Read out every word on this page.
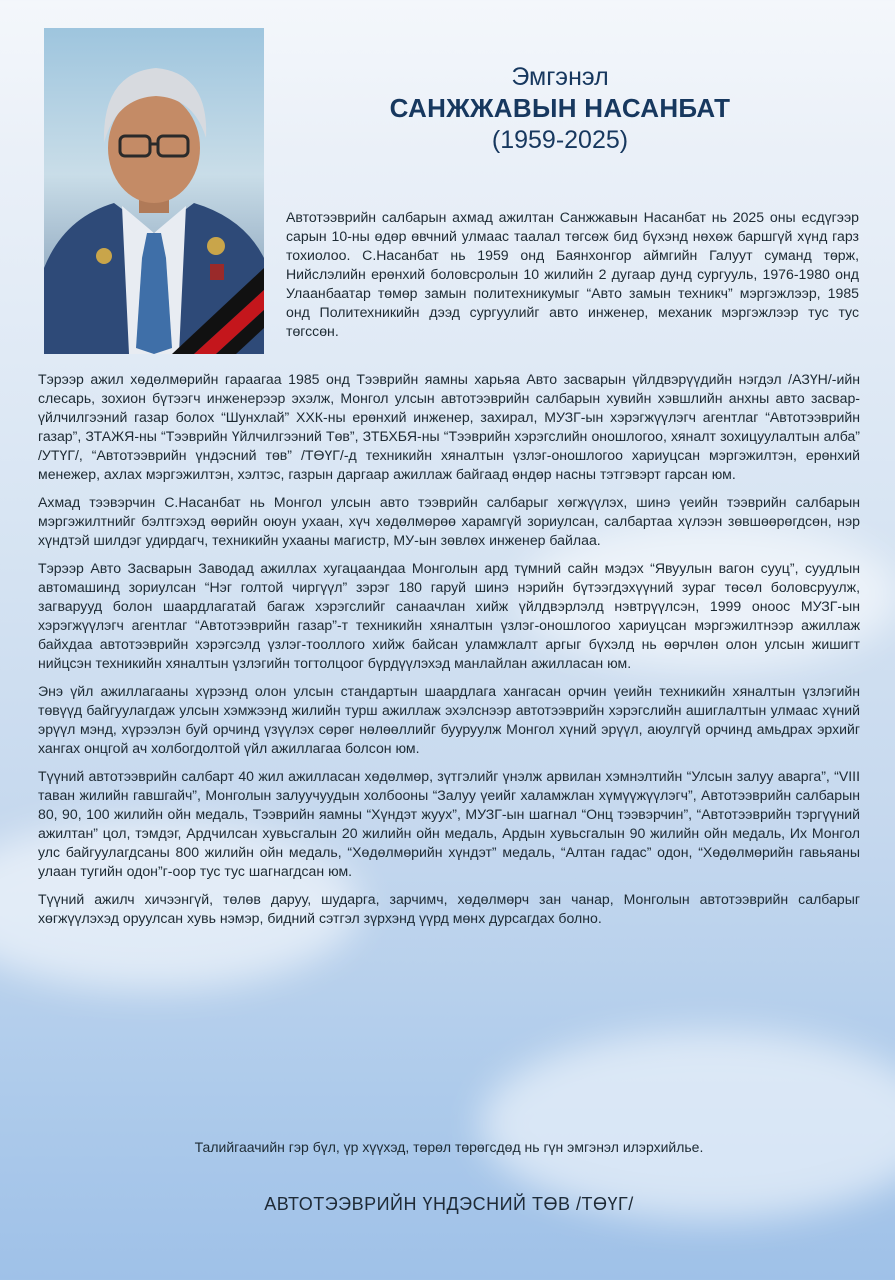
Эмгэнэл
САНЖЖАВЫН НАСАНБАТ
(1959-2025)

Автотээврийн салбарын ахмад ажилтан Санжжавын Насанбат нь 2025 оны есдүгээр сарын 10-ны өдөр өвчний улмаас таалал төгсөж бид бүхэнд нөхөж баршгүй хүнд гарз тохиолоо. С.Насанбат нь 1959 онд Баянхонгор аймгийн Галуут суманд төрж, Нийслэлийн ерөнхий боловсролын 10 жилийн 2 дугаар дунд сургууль, 1976-1980 онд Улаанбаатар төмөр замын политехникумыг “Авто замын техникч” мэргэжлээр, 1985 онд Политехникийн дээд сургуулийг авто инженер, механик мэргэжлээр тус тус төгссөн.

Тэрээр ажил хөдөлмөрийн гараагаа 1985 онд Тээврийн яамны харьяа Авто засварын үйлдвэрүүдийн нэгдэл /АЗҮН/-ийн слесарь, зохион бүтээгч инженерээр эхэлж, Монгол улсын автотээврийн салбарын хувийн хэвшлийн анхны авто засвар-үйлчилгээний газар болох “Шунхлай” ХХК-ны ерөнхий инженер, захирал, МУЗГ-ын хэрэгжүүлэгч агентлаг “Автотээврийн газар”, ЗТАЖЯ-ны “Тээврийн Үйлчилгээний Төв”, ЗТБХБЯ-ны “Тээврийн хэрэгслийн оношлогоо, хяналт зохицуулалтын алба” /УТҮГ/, “Автотээврийн үндэсний төв” /ТӨҮГ/-д техникийн хяналтын үзлэг-оношлогоо хариуцсан мэргэжилтэн, ерөнхий менежер, ахлах мэргэжилтэн, хэлтэс, газрын даргаар ажиллаж байгаад өндөр насны тэтгэвэрт гарсан юм.

Ахмад тээвэрчин С.Насанбат нь Монгол улсын авто тээврийн салбарыг хөгжүүлэх, шинэ үеийн тээврийн салбарын мэргэжилтнийг бэлтгэхэд өөрийн оюун ухаан, хүч хөдөлмөрөө харамгүй зориулсан, салбартаа хүлээн зөвшөөрөгдсөн, нэр хүндтэй шилдэг удирдагч, техникийн ухааны магистр, МУ-ын зөвлөх инженер байлаа.

Тэрээр Авто Засварын Заводад ажиллах хугацаандаа Монголын ард түмний сайн мэдэх “Явуулын вагон сууц”, суудлын автомашинд зориулсан “Нэг голтой чиргүүл” зэрэг 180 гаруй шинэ нэрийн бүтээгдэхүүний зураг төсөл боловсруулж, загварууд болон шаардлагатай багаж хэрэгслийг санаачлан хийж үйлдвэрлэлд нэвтрүүлсэн, 1999 оноос МУЗГ-ын хэрэгжүүлэгч агентлаг “Автотээврийн газар”-т техникийн хяналтын үзлэг-оношлогоо хариуцсан мэргэжилтнээр ажиллаж байхдаа автотээврийн хэрэгсэлд үзлэг-тооллого хийж байсан уламжлалт аргыг бүхэлд нь өөрчлөн олон улсын жишигт нийцсэн техникийн хяналтын үзлэгийн тогтолцоог бүрдүүлэхэд манлайлан ажилласан юм.

Энэ үйл ажиллагааны хүрээнд олон улсын стандартын шаардлага хангасан орчин үеийн техникийн хяналтын үзлэгийн төвүүд байгуулагдаж улсын хэмжээнд жилийн турш ажиллаж эхэлснээр автотээврийн хэрэгслийн ашиглалтын улмаас хүний эрүүл мэнд, хүрээлэн буй орчинд үзүүлэх сөрөг нөлөөллийг бууруулж Монгол хүний эрүүл, аюулгүй орчинд амьдрах эрхийг хангах онцгой ач холбогдолтой үйл ажиллагаа болсон юм.

Түүний автотээврийн салбарт 40 жил ажилласан хөдөлмөр, зүтгэлийг үнэлж арвилан хэмнэлтийн “Улсын залуу аварга”, “VIII таван жилийн гавшгайч”, Монголын залуучуудын холбооны “Залуу үеийг халамжлан хүмүүжүүлэгч”, Автотээврийн салбарын 80, 90, 100 жилийн ойн медаль, Тээврийн яамны “Хүндэт жуух”, МУЗГ-ын шагнал “Онц тээвэрчин”, “Автотээврийн тэргүүний ажилтан” цол, тэмдэг, Ардчилсан хувьсгалын 20 жилийн ойн медаль, Ардын хувьсгалын 90 жилийн ойн медаль, Их Монгол улс байгуулагдсаны 800 жилийн ойн медаль, “Хөдөлмөрийн хүндэт” медаль, “Алтан гадас” одон, “Хөдөлмөрийн гавьяаны улаан тугийн одон”г-оор тус тус шагнагдсан юм.

Түүний ажилч хичээнгүй, төлөв даруу, шударга, зарчимч, хөдөлмөрч зан чанар, Монголын автотээврийн салбарыг хөгжүүлэхэд оруулсан хувь нэмэр, бидний сэтгэл зүрхэнд үүрд мөнх дурсагдах болно.

Талийгаачийн гэр бүл, үр хүүхэд, төрөл төрөгсдөд нь гүн эмгэнэл илэрхийлье.

АВТОТЭЭВРИЙН ҮНДЭСНИЙ ТӨВ /ТӨҮГ/
